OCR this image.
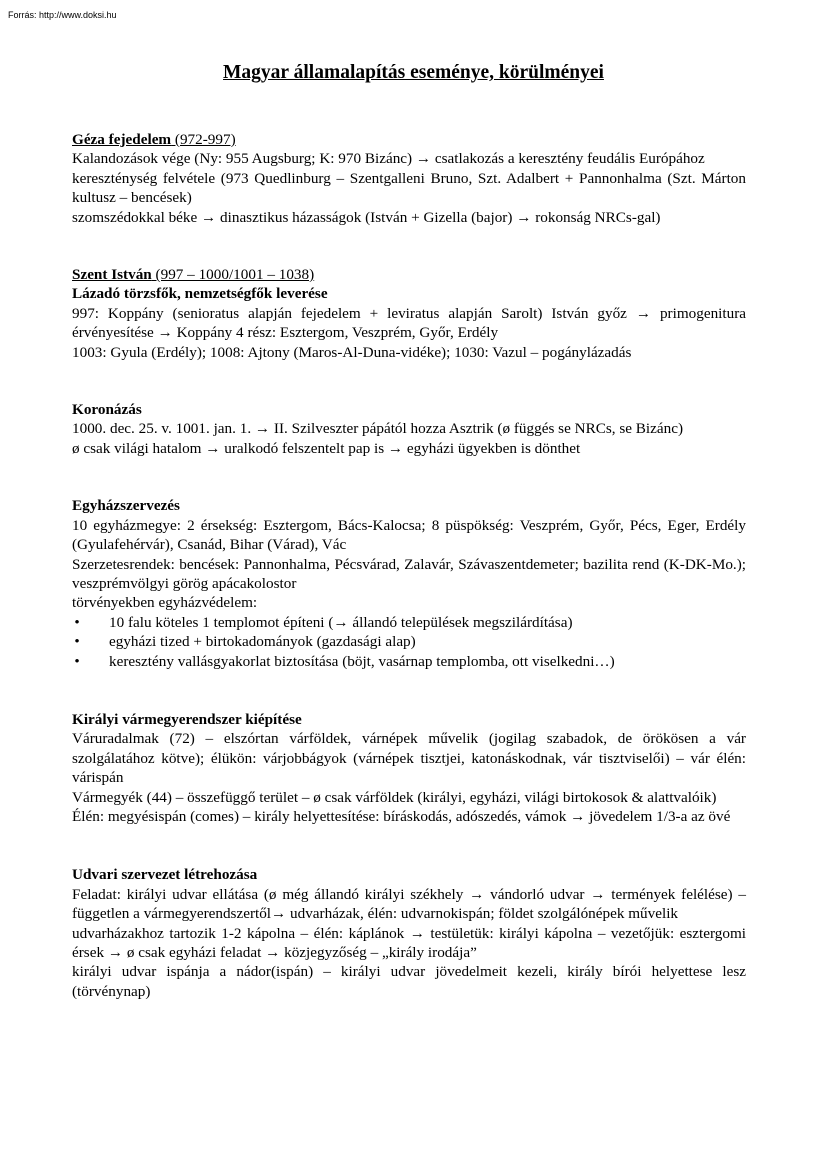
Forrás: http://www.doksi.hu
Magyar államalapítás eseménye, körülményei
Géza fejedelem (972-997)

Kalandozások vége (Ny: 955 Augsburg; K: 970 Bizánc) → csatlakozás a keresztény feudális Európához

kereszténység felvétele (973 Quedlinburg – Szentgalleni Bruno, Szt. Adalbert + Pannonhalma (Szt. Márton kultusz – bencések)

szomszédokkal béke → dinasztikus házasságok (István + Gizella (bajor) → rokonság NRCs-gal)

Szent István (997 – 1000/1001 – 1038)
Lázadó törzsfők, nemzetségfők leverése

997: Koppány (senioratus alapján fejedelem + leviratus alapján Sarolt) István győz → primogenitura érvényesítése → Koppány 4 rész: Esztergom, Veszprém, Győr, Erdély

1003: Gyula (Erdély); 1008: Ajtony (Maros-Al-Duna-vidéke); 1030: Vazul – pogánylázadás

Koronázás

1000. dec. 25. v. 1001. jan. 1. → II. Szilveszter pápától hozza Asztrik (ø függés se NRCs, se Bizánc)

ø csak világi hatalom → uralkodó felszentelt pap is → egyházi ügyekben is dönthet

Egyházszervezés

10 egyházmegye: 2 érsekség: Esztergom, Bács-Kalocsa; 8 püspökség: Veszprém, Győr, Pécs, Eger, Erdély (Gyulafehérvár), Csanád, Bihar (Várad), Vác

Szerzetesrendek: bencések: Pannonhalma, Pécsvárad, Zalavár, Szávaszentdemeter; bazilita rend (K-DK-Mo.); veszprémvölgyi görög apácakolostor

törvényekben egyházvédelem:

• 10 falu köteles 1 templomot építeni (→ állandó települések megszilárdítása)
• egyházi tized + birtokadományok (gazdasági alap)
• keresztény vallásgyakorlat biztosítása (böjt, vasárnap templomba, ott viselkedni…)
Királyi vármegyerendszer kiépítése

Váruradalmak (72) – elszórtan várföldek, várnépek művelik (jogilag szabadok, de örökösen a vár szolgálatához kötve); élükön: várjobbágyok (várnépek tisztjei, katonáskodnak, vár tisztviselői) – vár élén: várispán

Vármegyék (44) – összefüggő terület – ø csak várföldek (királyi, egyházi, világi birtokosok & alattvalóik)

Élén: megyésispán (comes) – király helyettesítése: bíráskodás, adószedés, vámok → jövedelem 1/3-a az övé

Udvari szervezet létrehozása

Feladat: királyi udvar ellátása (ø még állandó királyi székhely → vándorló udvar → termények felélése) – független a vármegyerendszertől→ udvarházak, élén: udvarnokispán; földet szolgálónépek művelik

udvarházakhoz tartozik 1-2 kápolna – élén: káplánok → testületük: királyi kápolna – vezetőjük: esztergomi érsek → ø csak egyházi feladat → közjegyzőség – „király irodája”

királyi udvar ispánja a nádor(ispán) – királyi udvar jövedelmeit kezeli, király bírói helyettese lesz (törvénynap)
